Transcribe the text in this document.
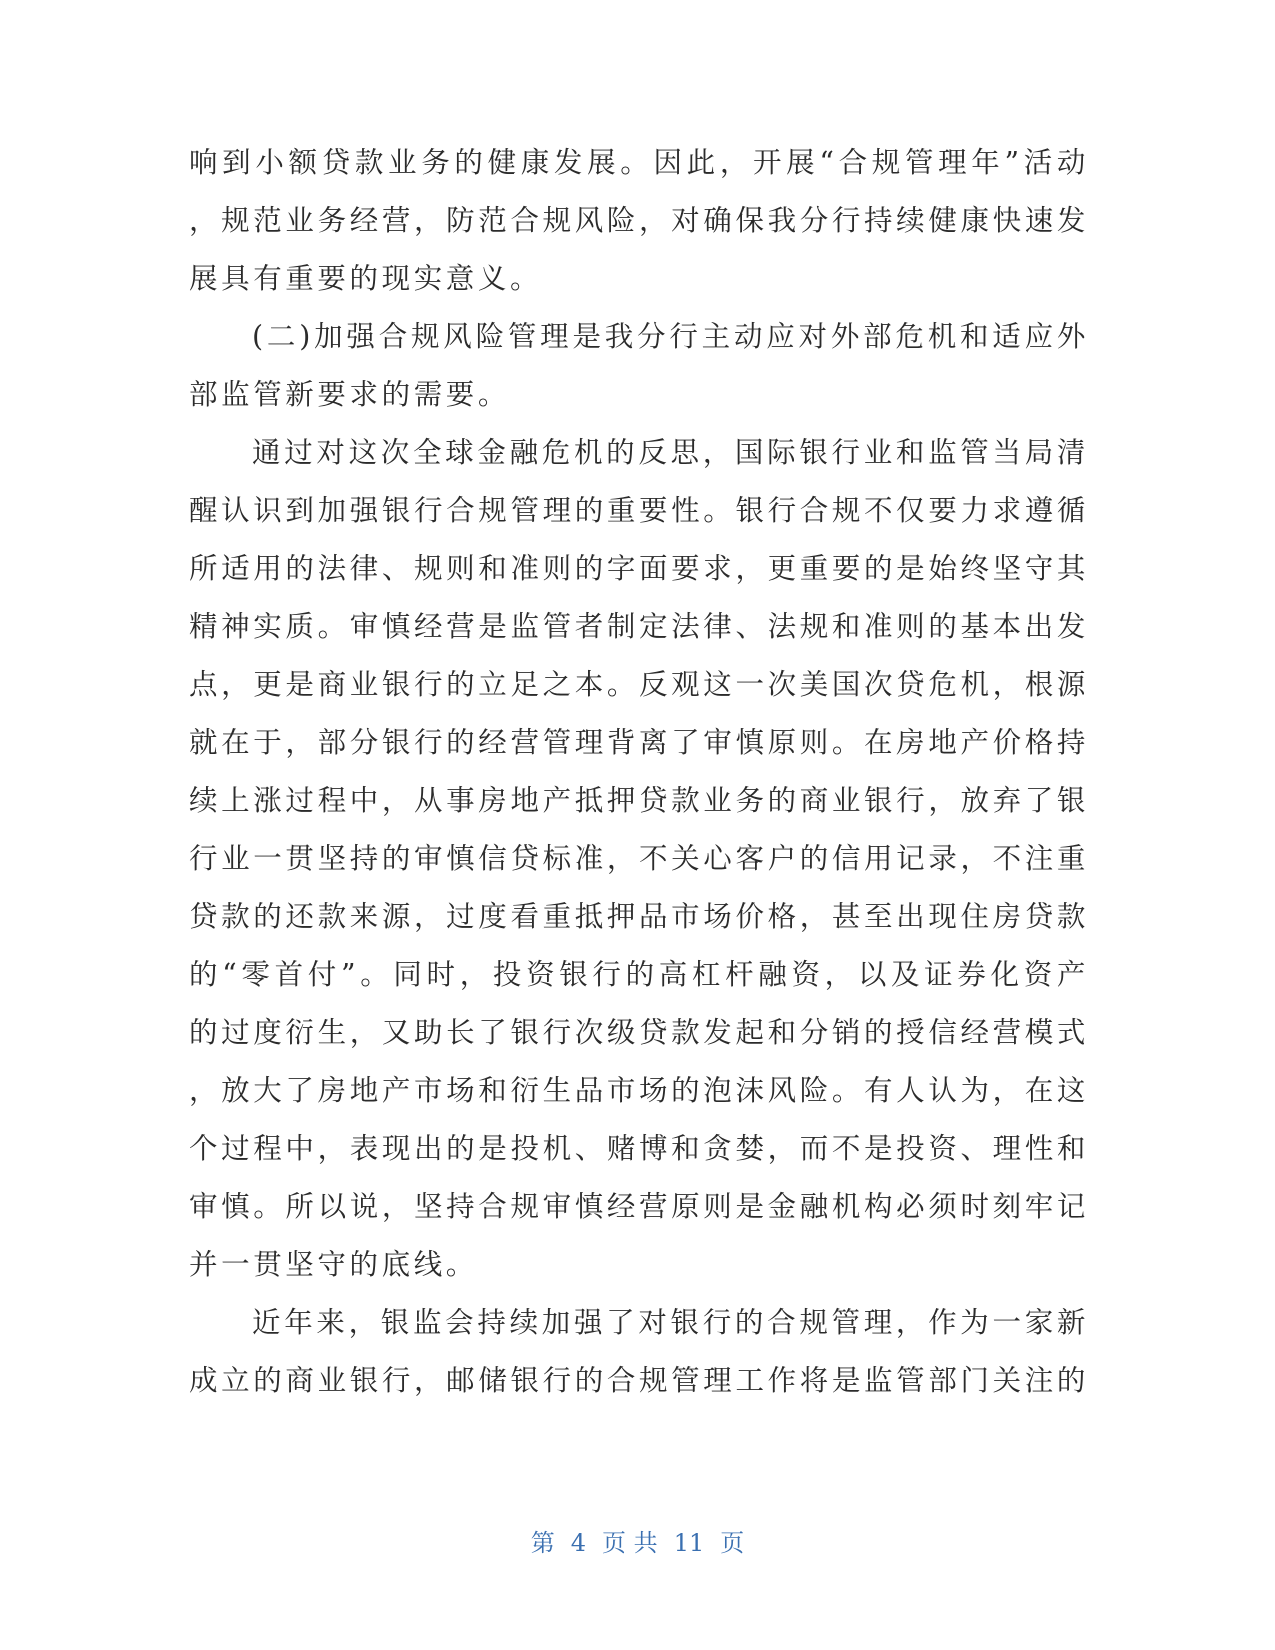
响到小额贷款业务的健康发展。因此，开展“合规管理年”活动
，规范业务经营，防范合规风险，对确保我分行持续健康快速发
展具有重要的现实意义。
(二)加强合规风险管理是我分行主动应对外部危机和适应外
部监管新要求的需要。
通过对这次全球金融危机的反思，国际银行业和监管当局清
醒认识到加强银行合规管理的重要性。银行合规不仅要力求遵循
所适用的法律、规则和准则的字面要求，更重要的是始终坚守其
精神实质。审慎经营是监管者制定法律、法规和准则的基本出发
点，更是商业银行的立足之本。反观这一次美国次贷危机，根源
就在于，部分银行的经营管理背离了审慎原则。在房地产价格持
续上涨过程中，从事房地产抵押贷款业务的商业银行，放弃了银
行业一贯坚持的审慎信贷标准，不关心客户的信用记录，不注重
贷款的还款来源，过度看重抵押品市场价格，甚至出现住房贷款
的“零首付”。同时，投资银行的高杠杆融资，以及证券化资产
的过度衍生，又助长了银行次级贷款发起和分销的授信经营模式
，放大了房地产市场和衍生品市场的泡沫风险。有人认为，在这
个过程中，表现出的是投机、赌博和贪婪，而不是投资、理性和
审慎。所以说，坚持合规审慎经营原则是金融机构必须时刻牢记
并一贯坚守的底线。
近年来，银监会持续加强了对银行的合规管理，作为一家新
成立的商业银行，邮储银行的合规管理工作将是监管部门关注的
第 4 页 共 11 页
